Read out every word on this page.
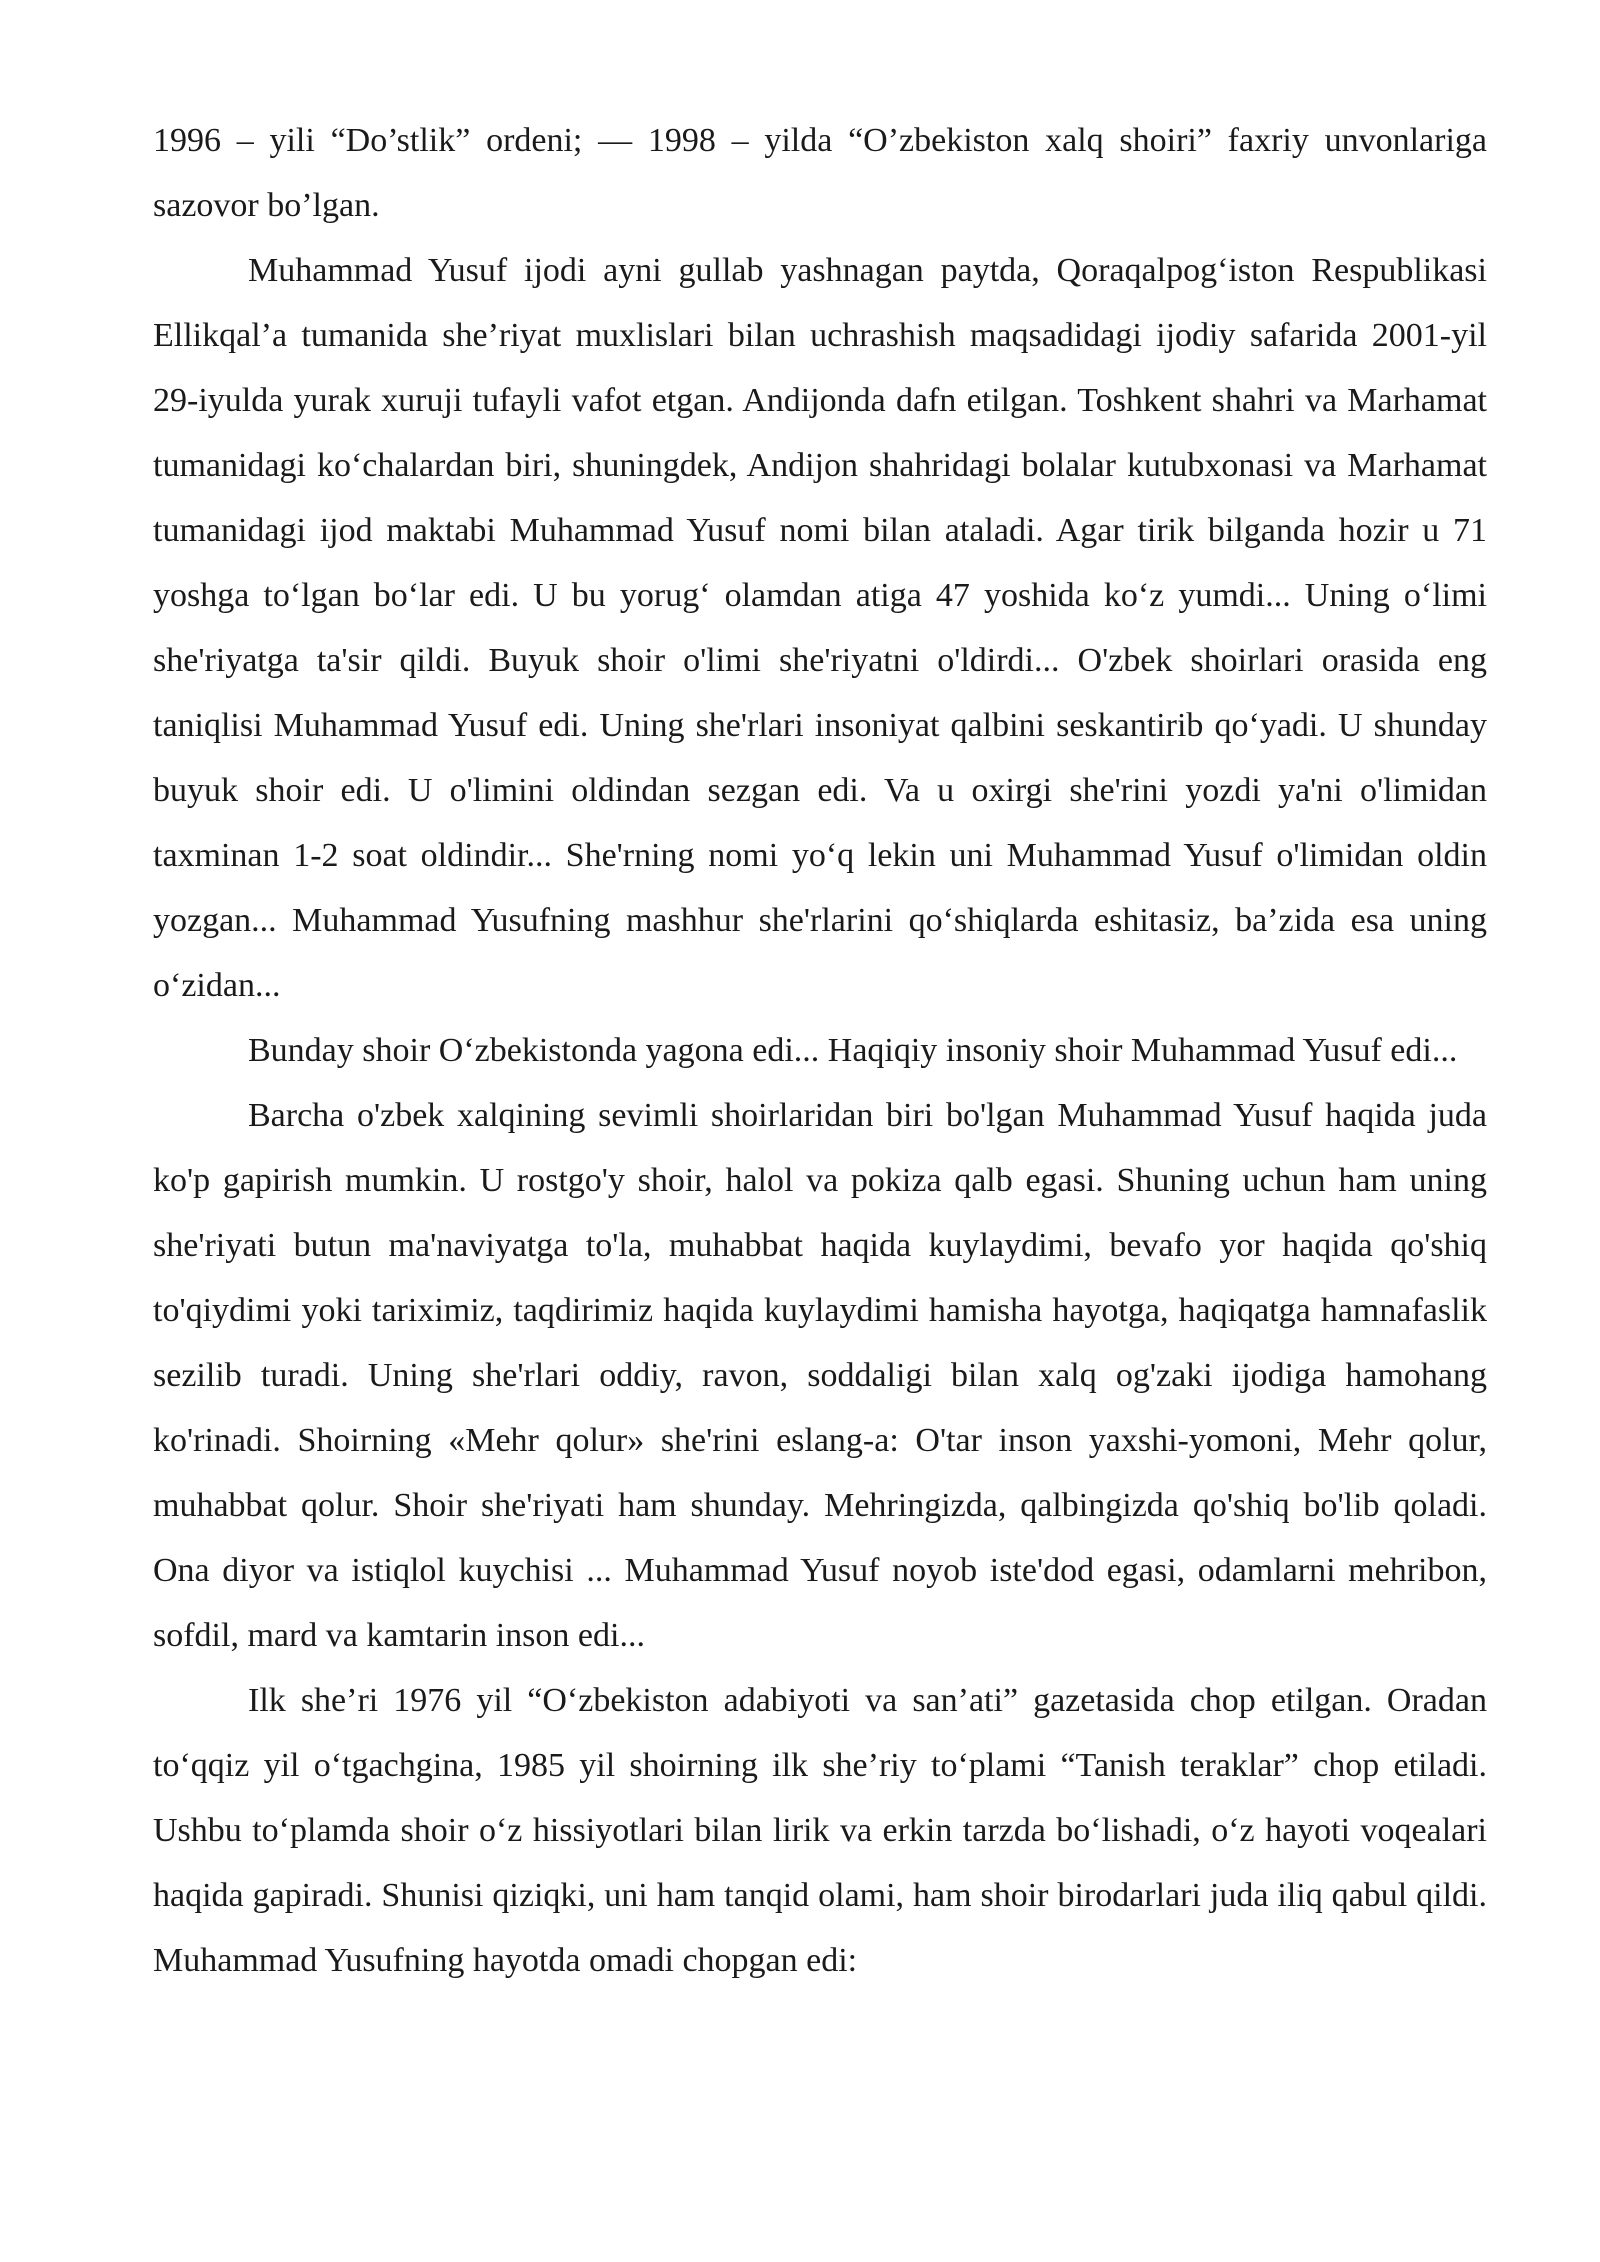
1996 – yili “Do’stlik” ordeni; — 1998 – yilda “O’zbekiston xalq shoiri” faxriy unvonlariga sazovor bo’lgan.

Muhammad Yusuf ijodi ayni gullab yashnagan paytda, Qoraqalpog‘iston Respublikasi Ellikqal’a tumanida she’riyat muxlislari bilan uchrashish maqsadidagi ijodiy safarida 2001-yil 29-iyulda yurak xuruji tufayli vafot etgan. Andijonda dafn etilgan. Toshkent shahri va Marhamat tumanidagi ko‘chalardan biri, shuningdek, Andijon shahridagi bolalar kutubxonasi va Marhamat tumanidagi ijod maktabi Muhammad Yusuf nomi bilan ataladi. Agar tirik bilganda hozir u 71 yoshga to‘lgan bo‘lar edi. U bu yorug‘ olamdan atiga 47 yoshida ko‘z yumdi... Uning o‘limi she'riyatga ta'sir qildi. Buyuk shoir o'limi she'riyatni o'ldirdi... O'zbek shoirlari orasida eng taniqlisi Muhammad Yusuf edi. Uning she'rlari insoniyat qalbini seskantirib qo‘yadi. U shunday buyuk shoir edi. U o'limini oldindan sezgan edi. Va u oxirgi she'rini yozdi ya'ni o'limidan taxminan 1-2 soat oldindir... She'rning nomi yo‘q lekin uni Muhammad Yusuf o'limidan oldin yozgan... Muhammad Yusufning mashhur she'rlarini qo‘shiqlarda eshitasiz, ba’zida esa uning o‘zidan...

Bunday shoir O‘zbekistonda yagona edi... Haqiqiy insoniy shoir Muhammad Yusuf edi...

Barcha o'zbek xalqining sevimli shoirlaridan biri bo'lgan Muhammad Yusuf haqida juda ko'p gapirish mumkin. U rostgo'y shoir, halol va pokiza qalb egasi. Shuning uchun ham uning she'riyati butun ma'naviyatga to'la, muhabbat haqida kuylaydimi, bevafo yor haqida qo'shiq to'qiydimi yoki tariximiz, taqdirimiz haqida kuylaydimi hamisha hayotga, haqiqatga hamnafaslik sezilib turadi. Uning she'rlari oddiy, ravon, soddaligi bilan xalq og'zaki ijodiga hamohang ko'rinadi. Shoirning «Mehr qolur» she'rini eslang-a: O'tar inson yaxshi-yomoni, Mehr qolur, muhabbat qolur. Shoir she'riyati ham shunday. Mehringizda, qalbingizda qo'shiq bo'lib qoladi. Ona diyor va istiqlol kuychisi ... Muhammad Yusuf noyob iste'dod egasi, odamlarni mehribon, sofdil, mard va kamtarin inson edi...

Ilk she’ri 1976 yil “O‘zbekiston adabiyoti va san’ati” gazetasida chop etilgan. Oradan to‘qqiz yil o‘tgachgina, 1985 yil shoirning ilk she’riy to‘plami “Tanish teraklar” chop etiladi. Ushbu to‘plamda shoir o‘z hissiyotlari bilan lirik va erkin tarzda bo‘lishadi, o‘z hayoti voqealari haqida gapiradi. Shunisi qiziqki, uni ham tanqid olami, ham shoir birodarlari juda iliq qabul qildi. Muhammad Yusufning hayotda omadi chopgan edi:
